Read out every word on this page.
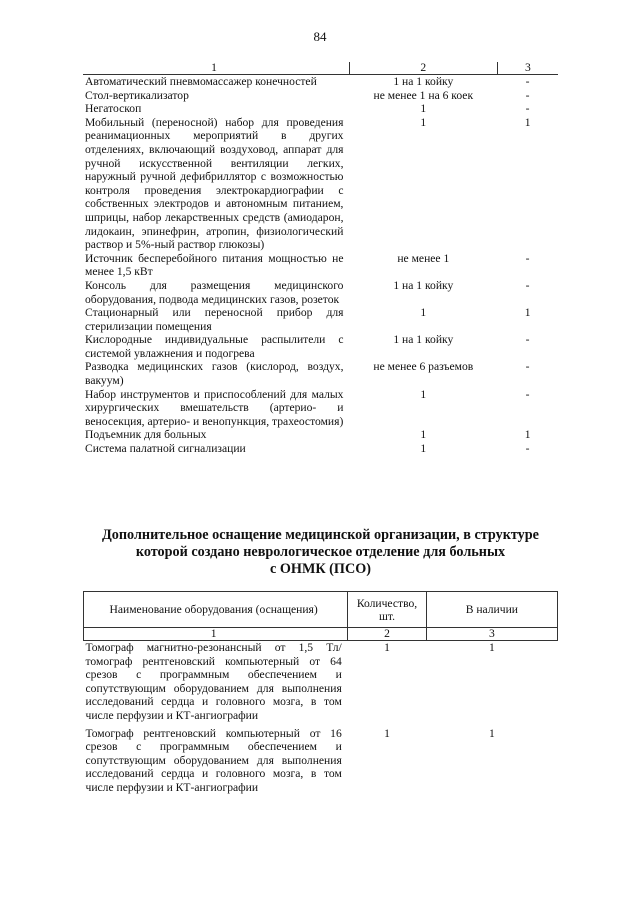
84
1	2	3
Автоматический пневмомассажер конечностей	1 на 1 койку	-
Стол-вертикализатор	не менее 1 на 6 коек	-
Негатоскоп	1	-
Мобильный (переносной) набор для проведения реанимационных мероприятий в других отделениях, включающий воздуховод, аппарат для ручной искусственной вентиляции легких, наружный ручной дефибриллятор с возможностью контроля проведения электрокардиографии с собственных электродов и автономным питанием, шприцы, набор лекарственных средств (амиодарон, лидокаин, эпинефрин, атропин, физиологический раствор и 5%-ный раствор глюкозы)	1	1
Источник бесперебойного питания мощностью не менее 1,5 кВт	не менее 1	-
Консоль для размещения медицинского оборудования, подвода медицинских газов, розеток	1 на 1 койку	-
Стационарный или переносной прибор для стерилизации помещения	1	1
Кислородные индивидуальные распылители с системой увлажнения и подогрева	1 на 1 койку	-
Разводка медицинских газов (кислород, воздух, вакуум)	не менее 6 разъемов	-
Набор инструментов и приспособлений для малых хирургических вмешательств (артерио- и веносекция, артерио- и венопункция, трахеостомия)	1	-
Подъемник для больных	1	1
Система палатной сигнализации	1	-
Дополнительное оснащение медицинской организации, в структуре
которой создано неврологическое отделение для больных
с ОНМК (ПСО)
Наименование оборудования (оснащения)	Количество, шт.	В наличии
1	2	3
Томограф магнитно-резонансный от 1,5 Тл/томограф рентгеновский компьютерный от 64 срезов с программным обеспечением и сопутствующим оборудованием для выполнения исследований сердца и головного мозга, в том числе перфузии и КТ-ангиографии	1	1
Томограф рентгеновский компьютерный от 16 срезов с программным обеспечением и сопутствующим оборудованием для выполнения исследований сердца и головного мозга, в том числе перфузии и КТ-ангиографии	1	1
